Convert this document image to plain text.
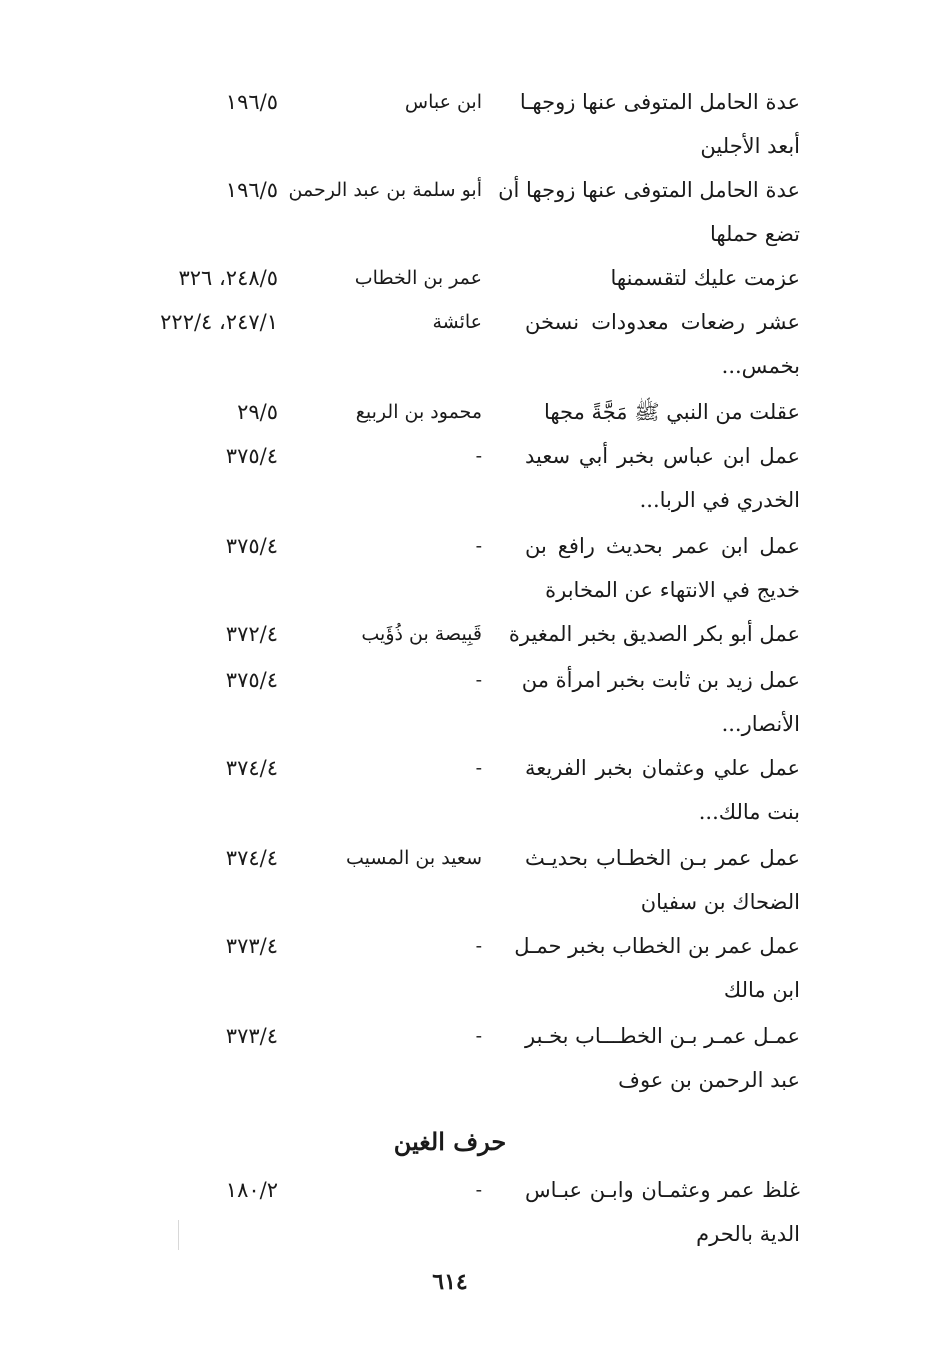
عدة الحامل المتوفى عنها زوجهـا
ابن عباس
١٩٦/٥
أبعد الأجلين
عدة الحامل المتوفى عنها زوجها أن
أبو سلمة بن عبد الرحمن
١٩٦/٥
تضع حملها
عزمت عليك لتقسمنها
عمر بن الخطاب
٢٤٨/٥، ٣٢٦
عشر رضعات معدودات نسخن
عائشة
٢٤٧/١، ٢٢٢/٤
بخمس...
عقلت من النبي ﷺ مَجَّةً مجها
محمود بن الربيع
٢٩/٥
عمل ابن عباس بخبر أبي سعيد
-
٣٧٥/٤
الخدري في الربا...
عمل ابن عمر بحديث رافع بن
-
٣٧٥/٤
خديج في الانتهاء عن المخابرة
عمل أبو بكر الصديق بخبر المغيرة
قَبِيصة بن ذُؤَيب
٣٧٢/٤
عمل زيد بن ثابت بخبر امرأة من
-
٣٧٥/٤
الأنصار...
عمل علي وعثمان بخبر الفريعة
-
٣٧٤/٤
بنت مالك...
عمل عمر بـن الخطـاب بحديـث
سعيد بن المسيب
٣٧٤/٤
الضحاك بن سفيان
عمل عمر بن الخطاب بخبر حمـل
-
٣٧٣/٤
ابن مالك
عمـل عمـر بـن الخطـــاب بخـبر
-
٣٧٣/٤
عبد الرحمن بن عوف
حرف الغين
غلظ عمر وعثمـان وابـن عبـاس
-
١٨٠/٢
الدية بالحرم
٦١٤
